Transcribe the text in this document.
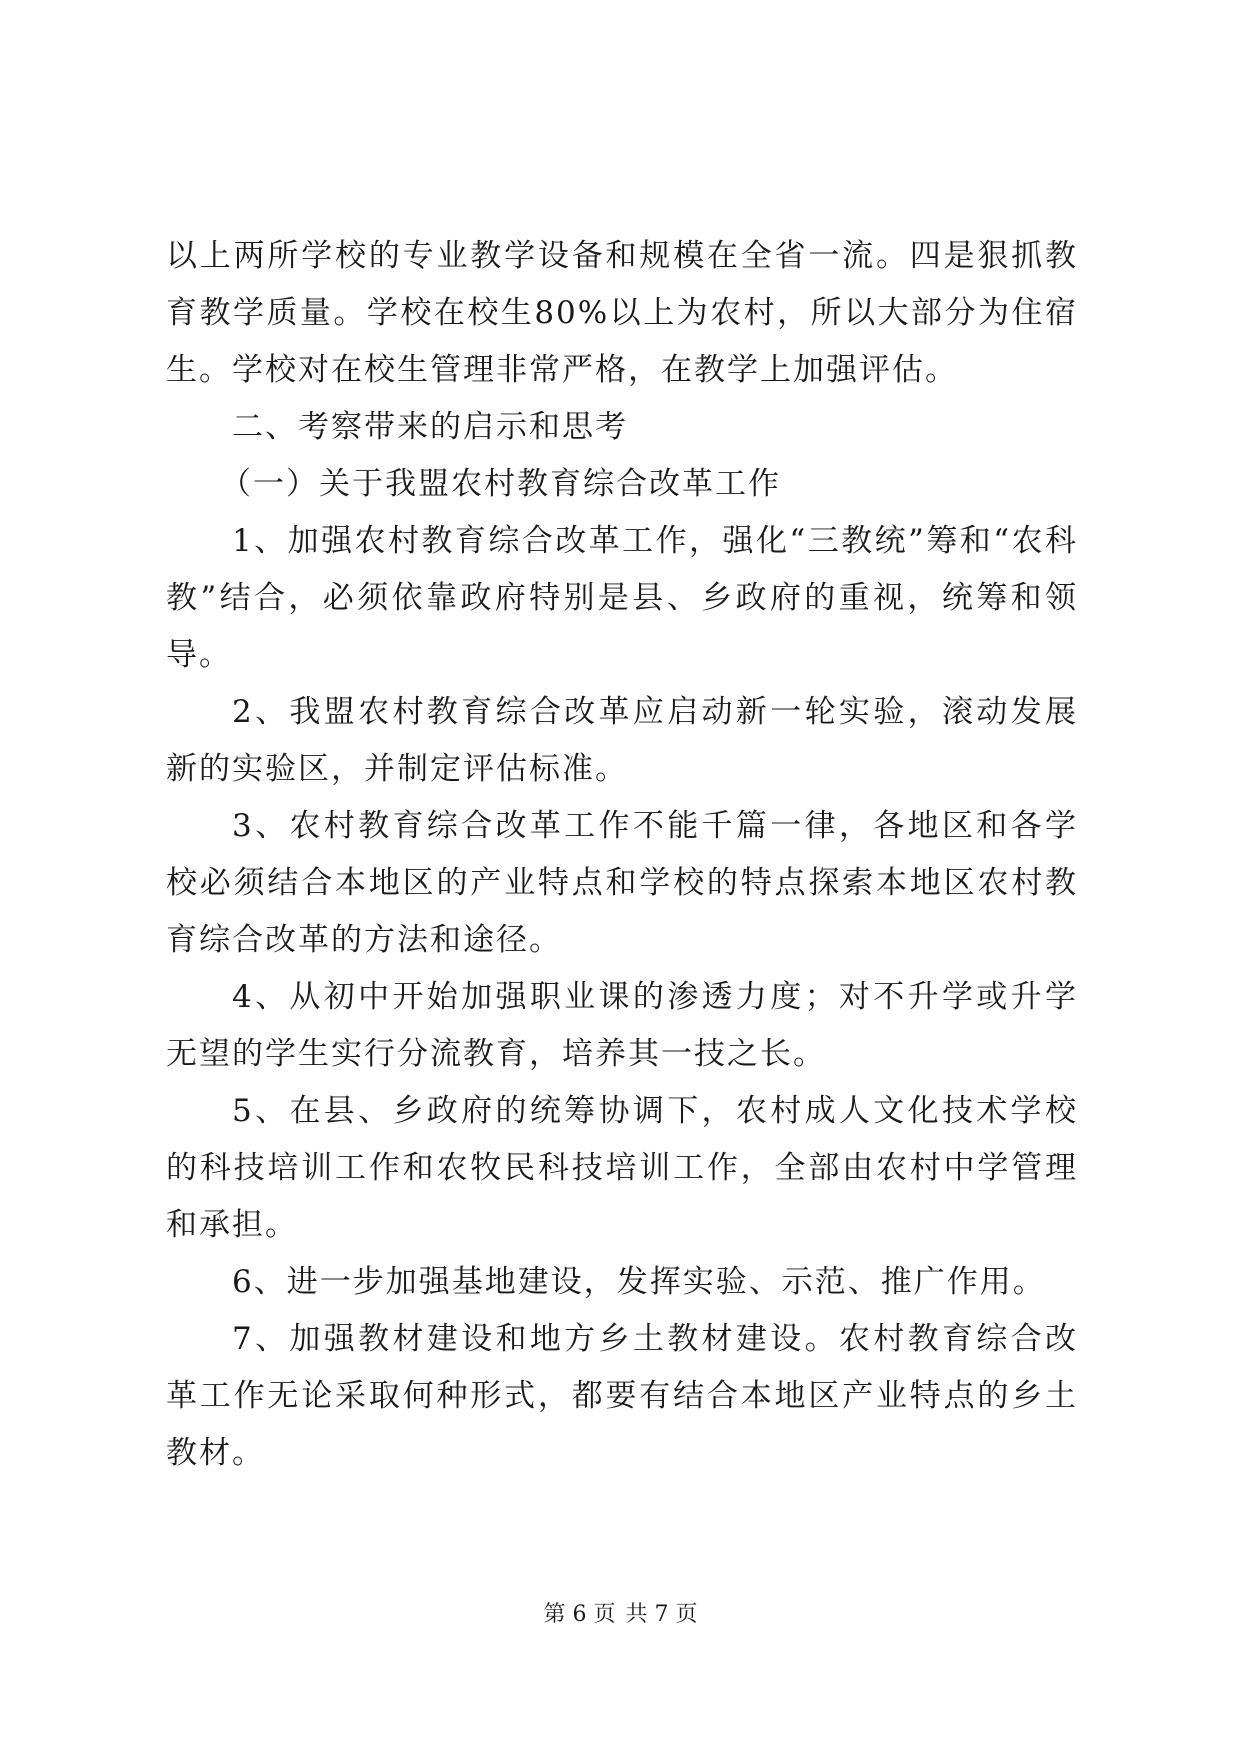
以上两所学校的专业教学设备和规模在全省一流。四是狠抓教育教学质量。学校在校生80%以上为农村，所以大部分为住宿生。学校对在校生管理非常严格，在教学上加强评估。

二、考察带来的启示和思考

（一）关于我盟农村教育综合改革工作

1、加强农村教育综合改革工作，强化“三教统”筹和“农科教”结合，必须依靠政府特别是县、乡政府的重视，统筹和领导。

2、我盟农村教育综合改革应启动新一轮实验，滚动发展新的实验区，并制定评估标准。

3、农村教育综合改革工作不能千篇一律，各地区和各学校必须结合本地区的产业特点和学校的特点探索本地区农村教育综合改革的方法和途径。

4、从初中开始加强职业课的渗透力度；对不升学或升学无望的学生实行分流教育，培养其一技之长。

5、在县、乡政府的统筹协调下，农村成人文化技术学校的科技培训工作和农牧民科技培训工作，全部由农村中学管理和承担。

6、进一步加强基地建设，发挥实验、示范、推广作用。

7、加强教材建设和地方乡土教材建设。农村教育综合改革工作无论采取何种形式，都要有结合本地区产业特点的乡土教材。

第 6 页 共 7 页
